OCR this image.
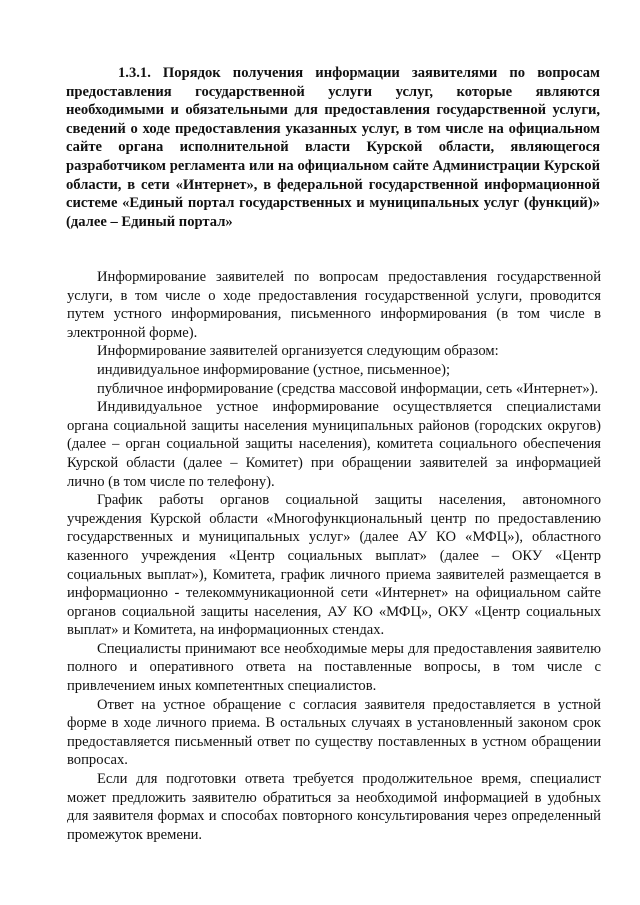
1.3.1. Порядок получения информации заявителями по вопросам предоставления государственной услуги услуг, которые являются необходимыми и обязательными для предоставления государственной услуги, сведений о ходе предоставления указанных услуг, в том числе на официальном сайте органа исполнительной власти Курской области, являющегося разработчиком регламента или на официальном сайте Администрации Курской области, в сети «Интернет», в федеральной государственной информационной системе «Единый портал государственных и муниципальных услуг (функций)» (далее – Единый портал»

Информирование заявителей по вопросам предоставления государственной услуги, в том числе о ходе предоставления государственной услуги, проводится путем устного информирования, письменного информирования (в том числе в электронной форме).

Информирование заявителей организуется следующим образом:

индивидуальное информирование (устное, письменное);

публичное информирование (средства массовой информации, сеть «Интернет»).

Индивидуальное устное информирование осуществляется специалистами органа социальной защиты населения муниципальных районов (городских округов) (далее – орган социальной защиты населения), комитета социального обеспечения Курской области (далее – Комитет) при обращении заявителей за информацией лично (в том числе по телефону).

График работы органов социальной защиты населения, автономного учреждения Курской области «Многофункциональный центр по предоставлению государственных и муниципальных услуг» (далее АУ КО «МФЦ»), областного казенного учреждения «Центр социальных выплат» (далее – ОКУ «Центр социальных выплат»), Комитета, график личного приема заявителей размещается в информационно - телекоммуникационной сети «Интернет» на официальном сайте органов социальной защиты населения, АУ КО «МФЦ», ОКУ «Центр социальных выплат» и Комитета, на информационных стендах.

Специалисты принимают все необходимые меры для предоставления заявителю полного и оперативного ответа на поставленные вопросы, в том числе с привлечением иных компетентных специалистов.

Ответ на устное обращение с согласия заявителя предоставляется в устной форме в ходе личного приема. В остальных случаях в установленный законом срок предоставляется письменный ответ по существу поставленных в устном обращении вопросах.

Если для подготовки ответа требуется продолжительное время, специалист может предложить заявителю обратиться за необходимой информацией в удобных для заявителя формах и способах повторного консультирования через определенный промежуток времени.
